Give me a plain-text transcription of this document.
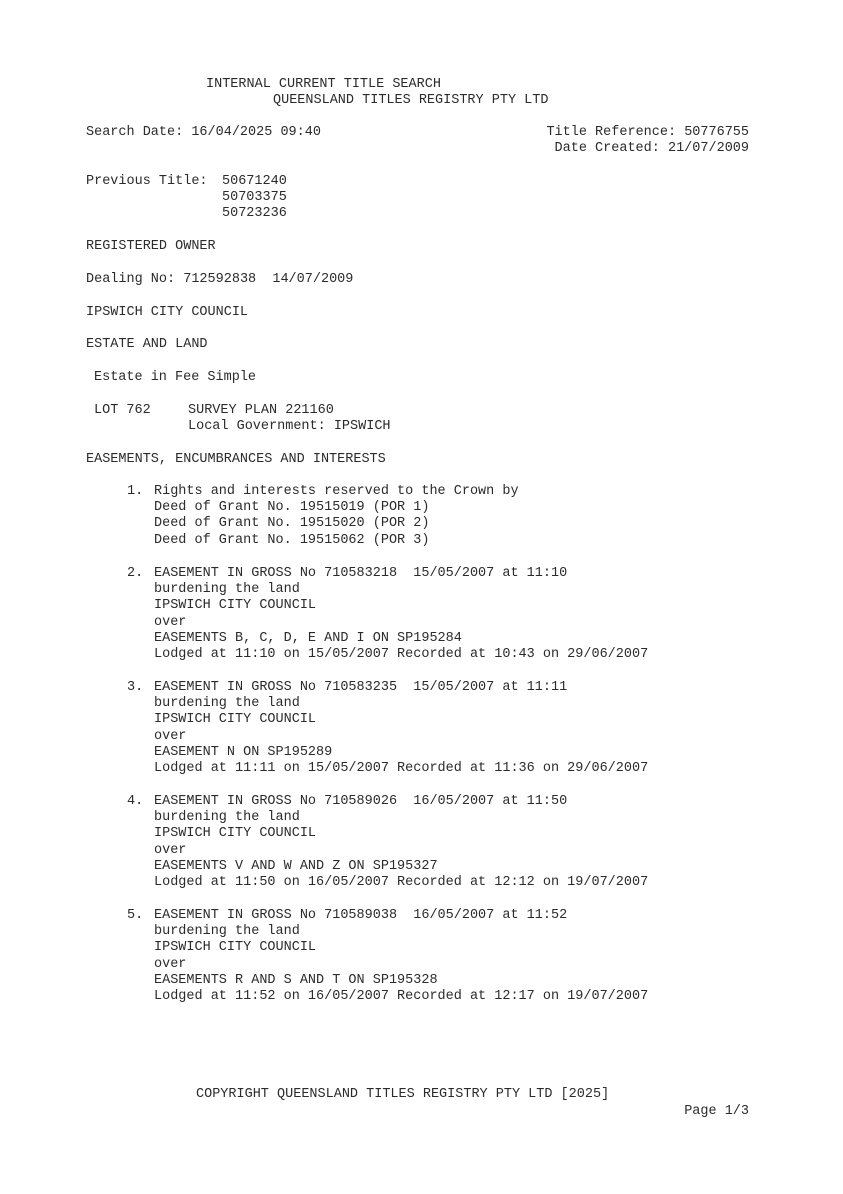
INTERNAL CURRENT TITLE SEARCH
QUEENSLAND TITLES REGISTRY PTY LTD
Search Date: 16/04/2025 09:40	Title Reference: 50776755
Date Created: 21/07/2009
Previous Title: 50671240
50703375
50723236
REGISTERED OWNER
Dealing No: 712592838 14/07/2009
IPSWICH CITY COUNCIL
ESTATE AND LAND
Estate in Fee Simple
LOT 762	SURVEY PLAN 221160
Local Government: IPSWICH
EASEMENTS, ENCUMBRANCES AND INTERESTS
1. Rights and interests reserved to the Crown by
Deed of Grant No. 19515019 (POR 1)
Deed of Grant No. 19515020 (POR 2)
Deed of Grant No. 19515062 (POR 3)
2. EASEMENT IN GROSS No 710583218  15/05/2007 at 11:10
burdening the land
IPSWICH CITY COUNCIL
over
EASEMENTS B, C, D, E AND I ON SP195284
Lodged at 11:10 on 15/05/2007 Recorded at 10:43 on 29/06/2007
3. EASEMENT IN GROSS No 710583235  15/05/2007 at 11:11
burdening the land
IPSWICH CITY COUNCIL
over
EASEMENT N ON SP195289
Lodged at 11:11 on 15/05/2007 Recorded at 11:36 on 29/06/2007
4. EASEMENT IN GROSS No 710589026  16/05/2007 at 11:50
burdening the land
IPSWICH CITY COUNCIL
over
EASEMENTS V AND W AND Z ON SP195327
Lodged at 11:50 on 16/05/2007 Recorded at 12:12 on 19/07/2007
5. EASEMENT IN GROSS No 710589038  16/05/2007 at 11:52
burdening the land
IPSWICH CITY COUNCIL
over
EASEMENTS R AND S AND T ON SP195328
Lodged at 11:52 on 16/05/2007 Recorded at 12:17 on 19/07/2007
COPYRIGHT QUEENSLAND TITLES REGISTRY PTY LTD [2025]
Page 1/3
